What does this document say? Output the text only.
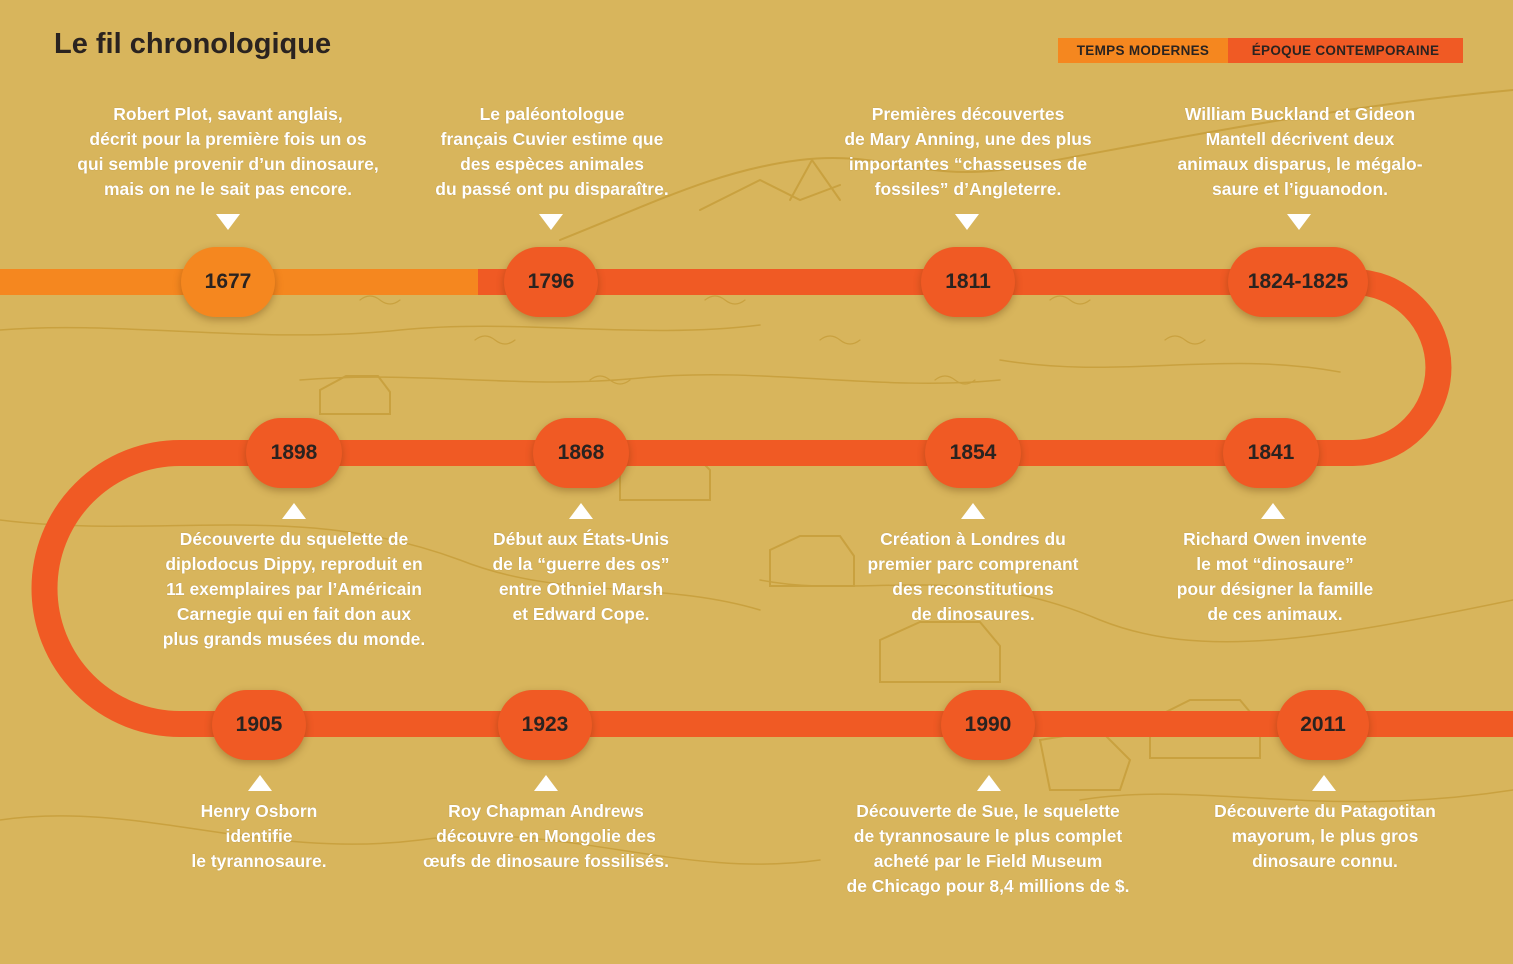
Le fil chronologique	TEMPS MODERNES	ÉPOQUE CONTEMPORAINE
Robert Plot, savant anglais,
décrit pour la première fois un os
qui semble provenir d’un dinosaure,
mais on ne le sait pas encore.
1677
Le paléontologue
français Cuvier estime que
des espèces animales
du passé ont pu disparaître.
1796
Premières découvertes
de Mary Anning, une des plus
importantes “chasseuses de
fossiles” d’Angleterre.
1811
William Buckland et Gideon
Mantell décrivent deux
animaux disparus, le mégalo-
saure et l’iguanodon.
1824-1825
1898
Découverte du squelette de
diplodocus Dippy, reproduit en
11 exemplaires par l’Américain
Carnegie qui en fait don aux
plus grands musées du monde.
1868
Début aux États-Unis
de la “guerre des os”
entre Othniel Marsh
et Edward Cope.
1854
Création à Londres du
premier parc comprenant
des reconstitutions
de dinosaures.
1841
Richard Owen invente
le mot “dinosaure”
pour désigner la famille
de ces animaux.
1905
Henry Osborn
identifie
le tyrannosaure.
1923
Roy Chapman Andrews
découvre en Mongolie des
œufs de dinosaure fossilisés.
1990
Découverte de Sue, le squelette
de tyrannosaure le plus complet
acheté par le Field Museum
de Chicago pour 8,4 millions de $.
2011
Découverte du Patagotitan
mayorum, le plus gros
dinosaure connu.
